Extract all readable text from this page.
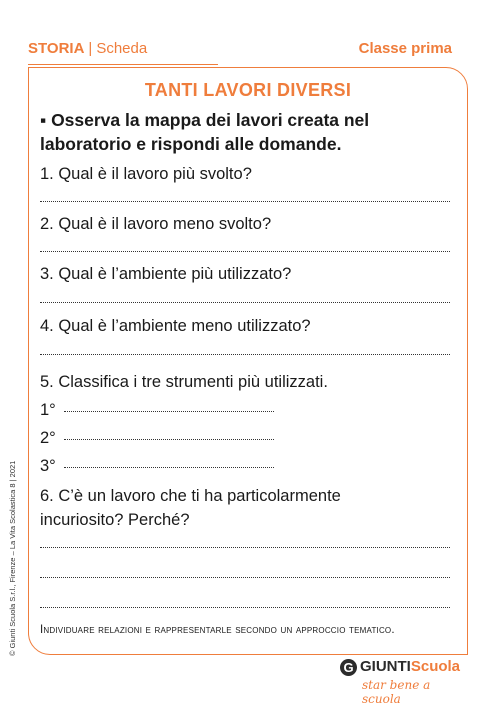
STORIA | Scheda	Classe prima
TANTI LAVORI DIVERSI
▪ Osserva la mappa dei lavori creata nel laboratorio e rispondi alle domande.
1. Qual è il lavoro più svolto?
2. Qual è il lavoro meno svolto?
3. Qual è l’ambiente più utilizzato?
4. Qual è l’ambiente meno utilizzato?
5. Classifica i tre strumenti più utilizzati.
1°
2°
3°
6. C’è un lavoro che ti ha particolarmente
incuriosito? Perché?
Individuare relazioni e rappresentarle secondo un approccio tematico.
© Giunti Scuola S.r.l., Firenze – La Vita Scolastica 8 | 2021
G GIUNTIScuola
star bene a scuola
